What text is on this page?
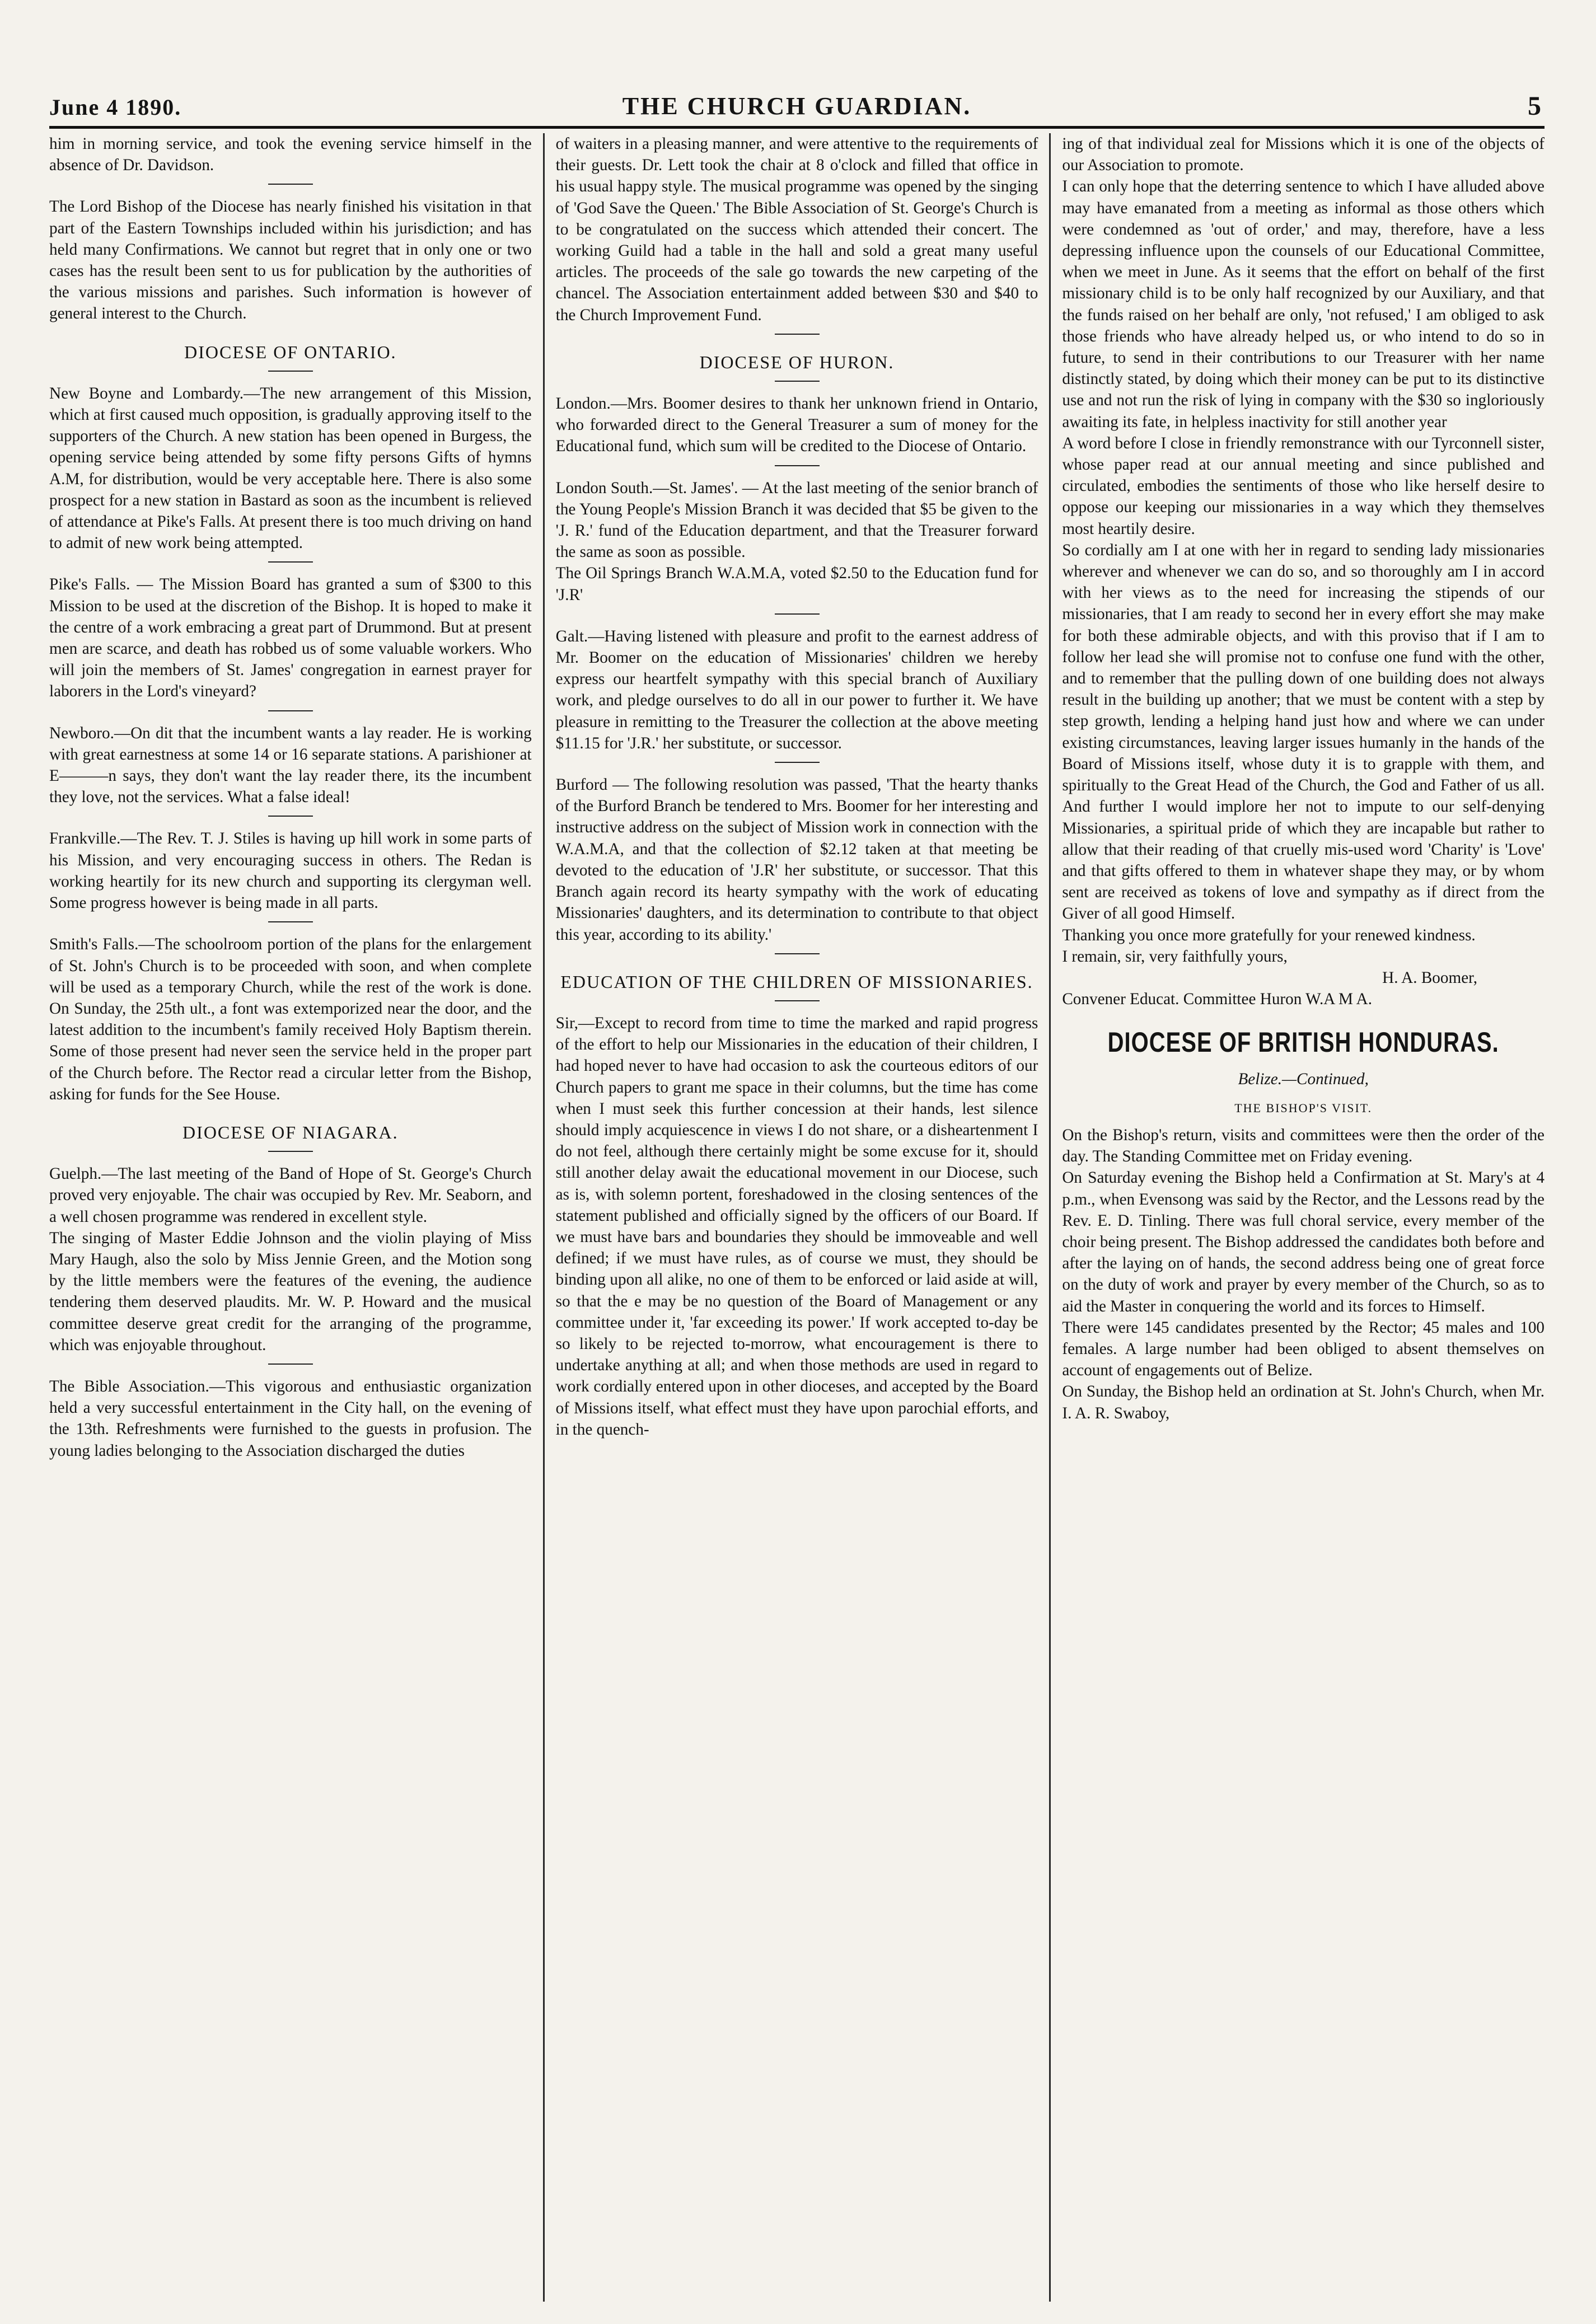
June 4 1890.	THE CHURCH GUARDIAN.	5

him in morning service, and took the evening service himself in the absence of Dr. Davidson.

The Lord Bishop of the Diocese has nearly finished his visitation in that part of the Eastern Townships included within his jurisdiction; and has held many Confirmations. We cannot but regret that in only one or two cases has the result been sent to us for publication by the authorities of the various missions and parishes. Such information is however of general interest to the Church.

DIOCESE OF ONTARIO.

New Boyne and Lombardy.—The new arrangement of this Mission, which at first caused much opposition, is gradually approving itself to the supporters of the Church. A new station has been opened in Burgess, the opening service being attended by some fifty persons Gifts of hymns A.M, for distribution, would be very acceptable here. There is also some prospect for a new station in Bastard as soon as the incumbent is relieved of attendance at Pike's Falls. At present there is too much driving on hand to admit of new work being attempted.

Pike's Falls. — The Mission Board has granted a sum of $300 to this Mission to be used at the discretion of the Bishop. It is hoped to make it the centre of a work embracing a great part of Drummond. But at present men are scarce, and death has robbed us of some valuable workers. Who will join the members of St. James' congregation in earnest prayer for laborers in the Lord's vineyard?

Newboro.—On dit that the incumbent wants a lay reader. He is working with great earnestness at some 14 or 16 separate stations. A parishioner at E———n says, they don't want the lay reader there, its the incumbent they love, not the services. What a false ideal!

Frankville.—The Rev. T. J. Stiles is having up hill work in some parts of his Mission, and very encouraging success in others. The Redan is working heartily for its new church and supporting its clergyman well. Some progress however is being made in all parts.

Smith's Falls.—The schoolroom portion of the plans for the enlargement of St. John's Church is to be proceeded with soon, and when complete will be used as a temporary Church, while the rest of the work is done. On Sunday, the 25th ult., a font was extemporized near the door, and the latest addition to the incumbent's family received Holy Baptism therein. Some of those present had never seen the service held in the proper part of the Church before. The Rector read a circular letter from the Bishop, asking for funds for the See House.

DIOCESE OF NIAGARA.

Guelph.—The last meeting of the Band of Hope of St. George's Church proved very enjoyable. The chair was occupied by Rev. Mr. Seaborn, and a well chosen programme was rendered in excellent style.

The singing of Master Eddie Johnson and the violin playing of Miss Mary Haugh, also the solo by Miss Jennie Green, and the Motion song by the little members were the features of the evening, the audience tendering them deserved plaudits. Mr. W. P. Howard and the musical committee deserve great credit for the arranging of the programme, which was enjoyable throughout.

The Bible Association.—This vigorous and enthusiastic organization held a very successful entertainment in the City hall, on the evening of the 13th. Refreshments were furnished to the guests in profusion. The young ladies belonging to the Association discharged the duties

of waiters in a pleasing manner, and were attentive to the requirements of their guests. Dr. Lett took the chair at 8 o'clock and filled that office in his usual happy style. The musical programme was opened by the singing of 'God Save the Queen.' The Bible Association of St. George's Church is to be congratulated on the success which attended their concert. The working Guild had a table in the hall and sold a great many useful articles. The proceeds of the sale go towards the new carpeting of the chancel. The Association entertainment added between $30 and $40 to the Church Improvement Fund.

DIOCESE OF HURON.

London.—Mrs. Boomer desires to thank her unknown friend in Ontario, who forwarded direct to the General Treasurer a sum of money for the Educational fund, which sum will be credited to the Diocese of Ontario.

London South.—St. James'. — At the last meeting of the senior branch of the Young People's Mission Branch it was decided that $5 be given to the 'J. R.' fund of the Education department, and that the Treasurer forward the same as soon as possible.

The Oil Springs Branch W.A.M.A, voted $2.50 to the Education fund for 'J.R'

Galt.—Having listened with pleasure and profit to the earnest address of Mr. Boomer on the education of Missionaries' children we hereby express our heartfelt sympathy with this special branch of Auxiliary work, and pledge ourselves to do all in our power to further it. We have pleasure in remitting to the Treasurer the collection at the above meeting $11.15 for 'J.R.' her substitute, or successor.

Burford — The following resolution was passed, 'That the hearty thanks of the Burford Branch be tendered to Mrs. Boomer for her interesting and instructive address on the subject of Mission work in connection with the W.A.M.A, and that the collection of $2.12 taken at that meeting be devoted to the education of 'J.R' her substitute, or successor. That this Branch again record its hearty sympathy with the work of educating Missionaries' daughters, and its determination to contribute to that object this year, according to its ability.'

EDUCATION OF THE CHILDREN OF MISSIONARIES.

Sir,—Except to record from time to time the marked and rapid progress of the effort to help our Missionaries in the education of their children, I had hoped never to have had occasion to ask the courteous editors of our Church papers to grant me space in their columns, but the time has come when I must seek this further concession at their hands, lest silence should imply acquiescence in views I do not share, or a disheartenment I do not feel, although there certainly might be some excuse for it, should still another delay await the educational movement in our Diocese, such as is, with solemn portent, foreshadowed in the closing sentences of the statement published and officially signed by the officers of our Board. If we must have bars and boundaries they should be immoveable and well defined; if we must have rules, as of course we must, they should be binding upon all alike, no one of them to be enforced or laid aside at will, so that the e may be no question of the Board of Management or any committee under it, 'far exceeding its power.' If work accepted to-day be so likely to be rejected to-morrow, what encouragement is there to undertake anything at all; and when those methods are used in regard to work cordially entered upon in other dioceses, and accepted by the Board of Missions itself, what effect must they have upon parochial efforts, and in the quench-

ing of that individual zeal for Missions which it is one of the objects of our Association to promote.

I can only hope that the deterring sentence to which I have alluded above may have emanated from a meeting as informal as those others which were condemned as 'out of order,' and may, therefore, have a less depressing influence upon the counsels of our Educational Committee, when we meet in June. As it seems that the effort on behalf of the first missionary child is to be only half recognized by our Auxiliary, and that the funds raised on her behalf are only, 'not refused,' I am obliged to ask those friends who have already helped us, or who intend to do so in future, to send in their contributions to our Treasurer with her name distinctly stated, by doing which their money can be put to its distinctive use and not run the risk of lying in company with the $30 so ingloriously awaiting its fate, in helpless inactivity for still another year

A word before I close in friendly remonstrance with our Tyrconnell sister, whose paper read at our annual meeting and since published and circulated, embodies the sentiments of those who like herself desire to oppose our keeping our missionaries in a way which they themselves most heartily desire.

So cordially am I at one with her in regard to sending lady missionaries wherever and whenever we can do so, and so thoroughly am I in accord with her views as to the need for increasing the stipends of our missionaries, that I am ready to second her in every effort she may make for both these admirable objects, and with this proviso that if I am to follow her lead she will promise not to confuse one fund with the other, and to remember that the pulling down of one building does not always result in the building up another; that we must be content with a step by step growth, lending a helping hand just how and where we can under existing circumstances, leaving larger issues humanly in the hands of the Board of Missions itself, whose duty it is to grapple with them, and spiritually to the Great Head of the Church, the God and Father of us all. And further I would implore her not to impute to our self-denying Missionaries, a spiritual pride of which they are incapable but rather to allow that their reading of that cruelly mis-used word 'Charity' is 'Love' and that gifts offered to them in whatever shape they may, or by whom sent are received as tokens of love and sympathy as if direct from the Giver of all good Himself.

Thanking you once more gratefully for your renewed kindness.

I remain, sir, very faithfully yours,

H. A. Boomer,

Convener Educat. Committee Huron W.A M A.

DIOCESE OF BRITISH HONDURAS.
Belize.—Continued,
THE BISHOP'S VISIT.

On the Bishop's return, visits and committees were then the order of the day. The Standing Committee met on Friday evening.

On Saturday evening the Bishop held a Confirmation at St. Mary's at 4 p.m., when Evensong was said by the Rector, and the Lessons read by the Rev. E. D. Tinling. There was full choral service, every member of the choir being present. The Bishop addressed the candidates both before and after the laying on of hands, the second address being one of great force on the duty of work and prayer by every member of the Church, so as to aid the Master in conquering the world and its forces to Himself.

There were 145 candidates presented by the Rector; 45 males and 100 females. A large number had been obliged to absent themselves on account of engagements out of Belize.

On Sunday, the Bishop held an ordination at St. John's Church, when Mr. I. A. R. Swaboy,
